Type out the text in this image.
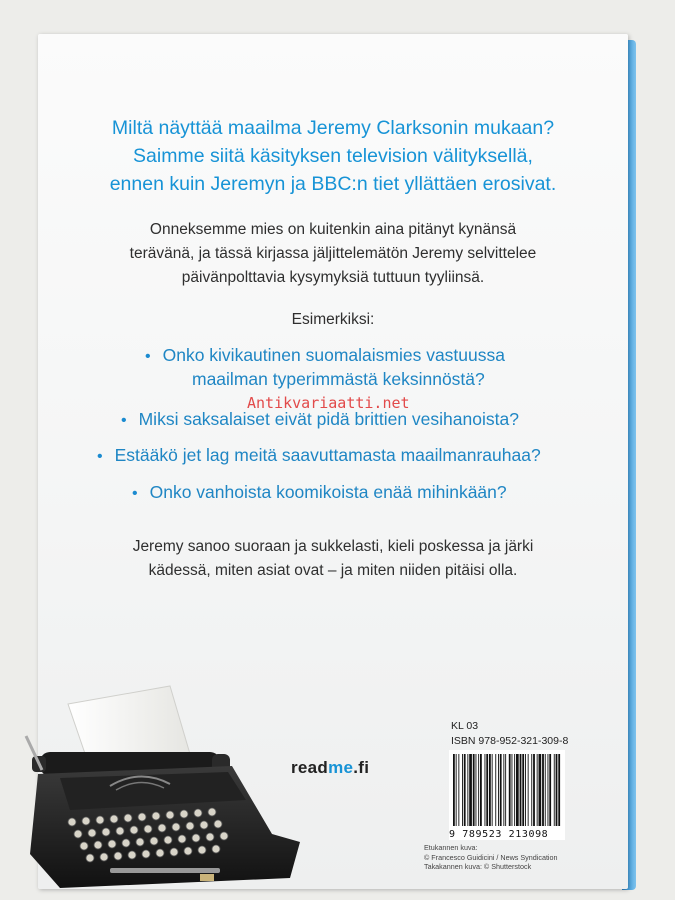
Miltä näyttää maailma Jeremy Clarksonin mukaan?
Saimme siitä käsityksen television välityksellä,
ennen kuin Jeremyn ja BBC:n tiet yllättäen erosivat.
Onneksemme mies on kuitenkin aina pitänyt kynänsä
terävänä, ja tässä kirjassa jäljittelemätön Jeremy selvittelee
päivänpolttavia kysymyksiä tuttuun tyyliinsä.
Esimerkiksi:
• Onko kivikautinen suomalaismies vastuussa
maailman typerimmästä keksinnöstä?
• Miksi saksalaiset eivät pidä brittien vesihanoista?
• Estääkö jet lag meitä saavuttamasta maailmanrauhaa?
• Onko vanhoista koomikoista enää mihinkään?
Jeremy sanoo suoraan ja sukkelasti, kieli poskessa ja järki
kädessä, miten asiat ovat – ja miten niiden pitäisi olla.
Antikvariaatti.net
readme.fi
KL 03
ISBN 978-952-321-309-8
9 789523 213098
Etukannen kuva:
© Francesco Guidicini / News Syndication
Takakannen kuva: © Shutterstock
